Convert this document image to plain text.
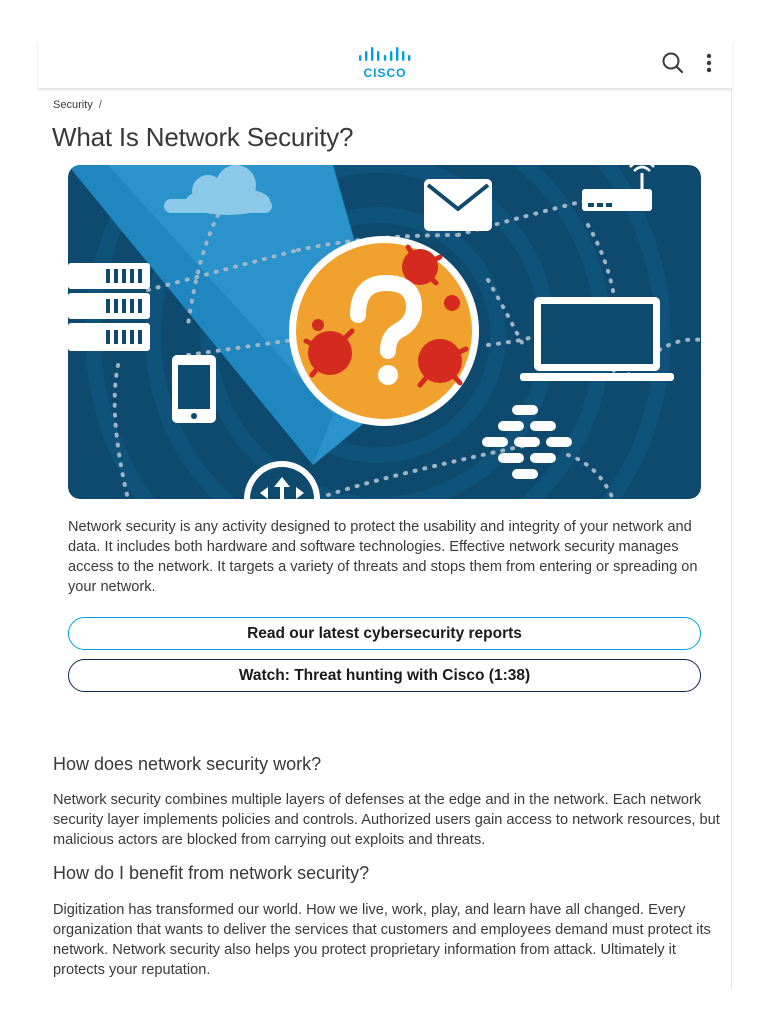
CISCO
Security /
What Is Network Security?

Network security is any activity designed to protect the usability and integrity of your network and data. It includes both hardware and software technologies. Effective network security manages access to the network. It targets a variety of threats and stops them from entering or spreading on your network.

Read our latest cybersecurity reports
Watch: Threat hunting with Cisco (1:38)
How does network security work?

Network security combines multiple layers of defenses at the edge and in the network. Each network security layer implements policies and controls. Authorized users gain access to network resources, but malicious actors are blocked from carrying out exploits and threats.

How do I benefit from network security?

Digitization has transformed our world. How we live, work, play, and learn have all changed. Every organization that wants to deliver the services that customers and employees demand must protect its network. Network security also helps you protect proprietary information from attack. Ultimately it protects your reputation.
